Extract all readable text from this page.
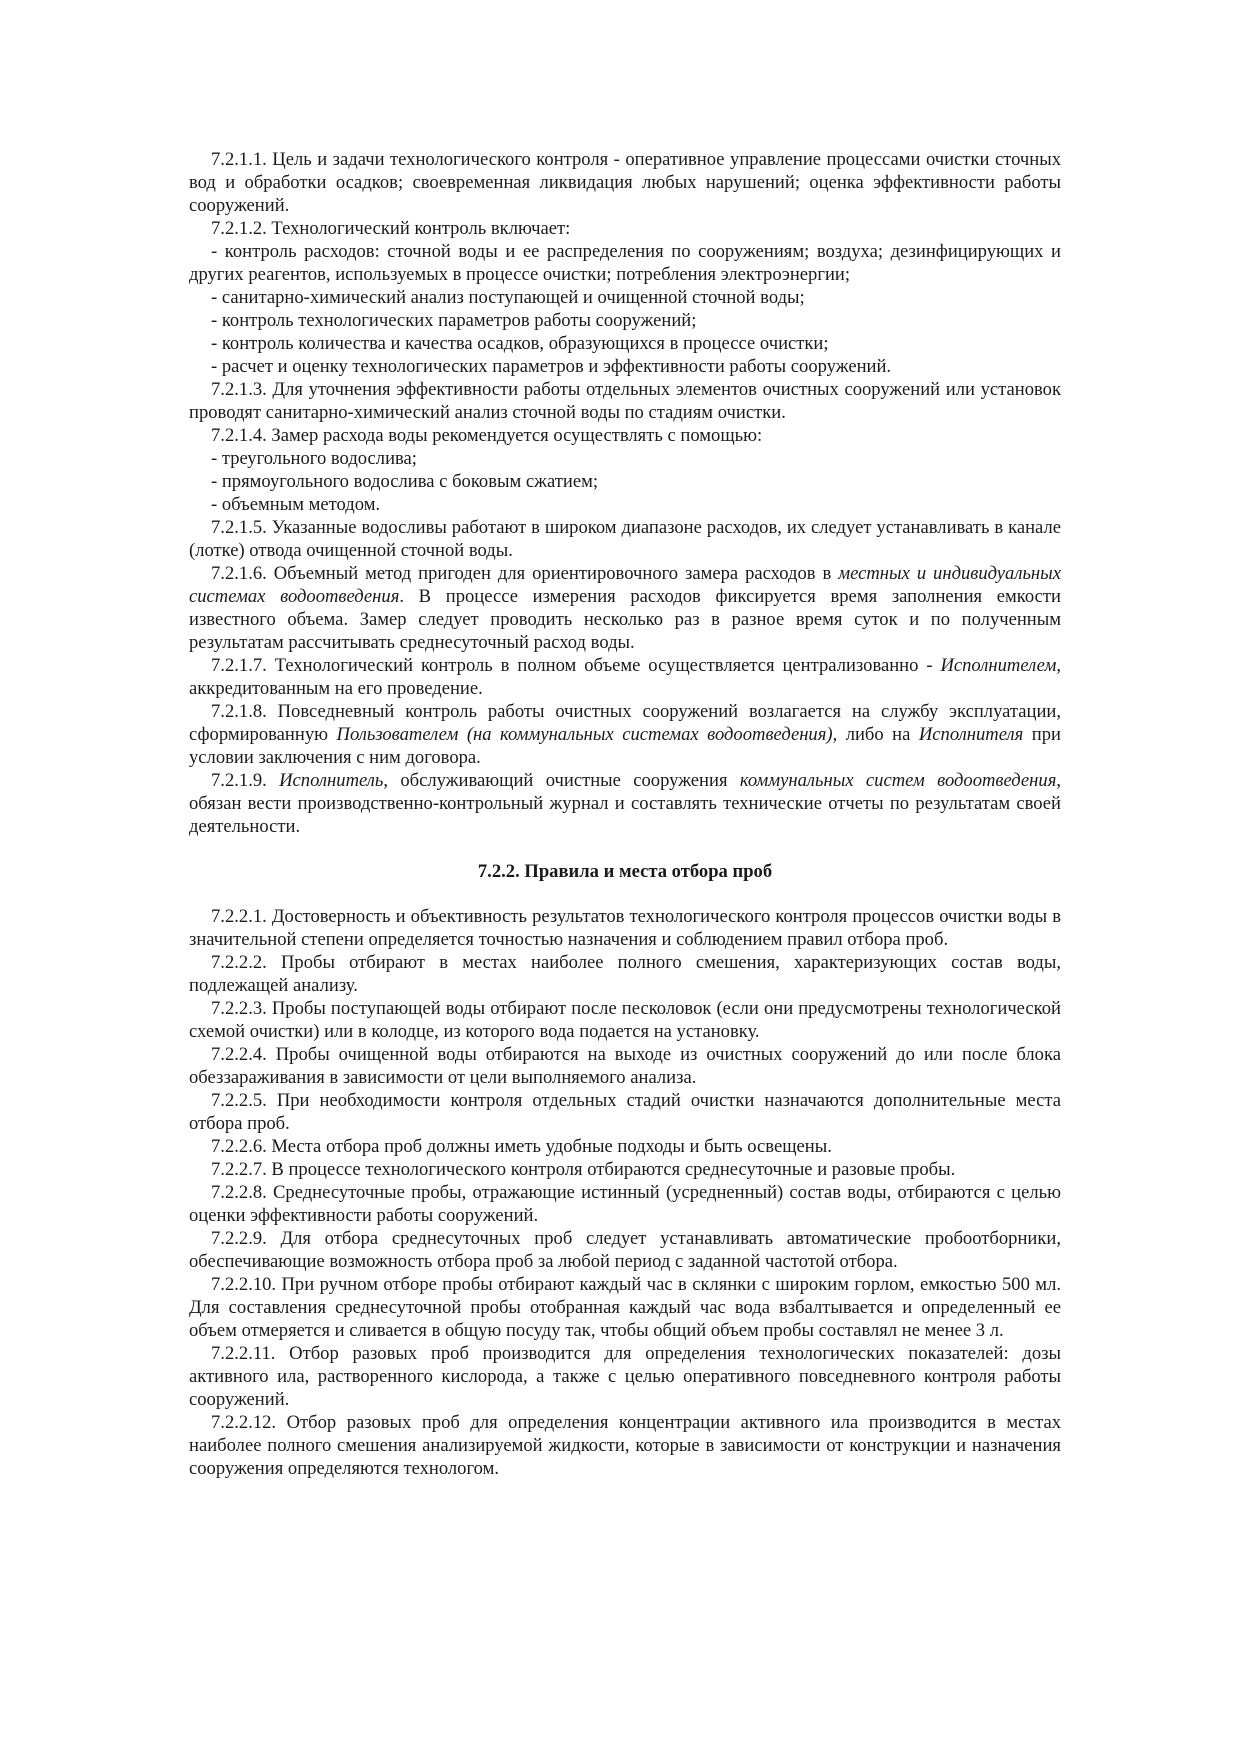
7.2.1.1. Цель и задачи технологического контроля - оперативное управление процессами очистки сточных вод и обработки осадков; своевременная ликвидация любых нарушений; оценка эффективности работы сооружений.

7.2.1.2. Технологический контроль включает:

- контроль расходов: сточной воды и ее распределения по сооружениям; воздуха; дезинфицирующих и других реагентов, используемых в процессе очистки; потребления электроэнергии;

- санитарно-химический анализ поступающей и очищенной сточной воды;

- контроль технологических параметров работы сооружений;

- контроль количества и качества осадков, образующихся в процессе очистки;

- расчет и оценку технологических параметров и эффективности работы сооружений.

7.2.1.3. Для уточнения эффективности работы отдельных элементов очистных сооружений или установок проводят санитарно-химический анализ сточной воды по стадиям очистки.

7.2.1.4. Замер расхода воды рекомендуется осуществлять с помощью:

- треугольного водослива;

- прямоугольного водослива с боковым сжатием;

- объемным методом.

7.2.1.5. Указанные водосливы работают в широком диапазоне расходов, их следует устанавливать в канале (лотке) отвода очищенной сточной воды.

7.2.1.6. Объемный метод пригоден для ориентировочного замера расходов в местных и индивидуальных системах водоотведения. В процессе измерения расходов фиксируется время заполнения емкости известного объема. Замер следует проводить несколько раз в разное время суток и по полученным результатам рассчитывать среднесуточный расход воды.

7.2.1.7. Технологический контроль в полном объеме осуществляется централизованно - Исполнителем, аккредитованным на его проведение.

7.2.1.8. Повседневный контроль работы очистных сооружений возлагается на службу эксплуатации, сформированную Пользователем (на коммунальных системах водоотведения), либо на Исполнителя при условии заключения с ним договора.

7.2.1.9. Исполнитель, обслуживающий очистные сооружения коммунальных систем водоотведения, обязан вести производственно-контрольный журнал и составлять технические отчеты по результатам своей деятельности.

7.2.2. Правила и места отбора проб

7.2.2.1. Достоверность и объективность результатов технологического контроля процессов очистки воды в значительной степени определяется точностью назначения и соблюдением правил отбора проб.

7.2.2.2. Пробы отбирают в местах наиболее полного смешения, характеризующих состав воды, подлежащей анализу.

7.2.2.3. Пробы поступающей воды отбирают после песколовок (если они предусмотрены технологической схемой очистки) или в колодце, из которого вода подается на установку.

7.2.2.4. Пробы очищенной воды отбираются на выходе из очистных сооружений до или после блока обеззараживания в зависимости от цели выполняемого анализа.

7.2.2.5. При необходимости контроля отдельных стадий очистки назначаются дополнительные места отбора проб.

7.2.2.6. Места отбора проб должны иметь удобные подходы и быть освещены.

7.2.2.7. В процессе технологического контроля отбираются среднесуточные и разовые пробы.

7.2.2.8. Среднесуточные пробы, отражающие истинный (усредненный) состав воды, отбираются с целью оценки эффективности работы сооружений.

7.2.2.9. Для отбора среднесуточных проб следует устанавливать автоматические пробоотборники, обеспечивающие возможность отбора проб за любой период с заданной частотой отбора.

7.2.2.10. При ручном отборе пробы отбирают каждый час в склянки с широким горлом, емкостью 500 мл. Для составления среднесуточной пробы отобранная каждый час вода взбалтывается и определенный ее объем отмеряется и сливается в общую посуду так, чтобы общий объем пробы составлял не менее 3 л.

7.2.2.11. Отбор разовых проб производится для определения технологических показателей: дозы активного ила, растворенного кислорода, а также с целью оперативного повседневного контроля работы сооружений.

7.2.2.12. Отбор разовых проб для определения концентрации активного ила производится в местах наиболее полного смешения анализируемой жидкости, которые в зависимости от конструкции и назначения сооружения определяются технологом.
